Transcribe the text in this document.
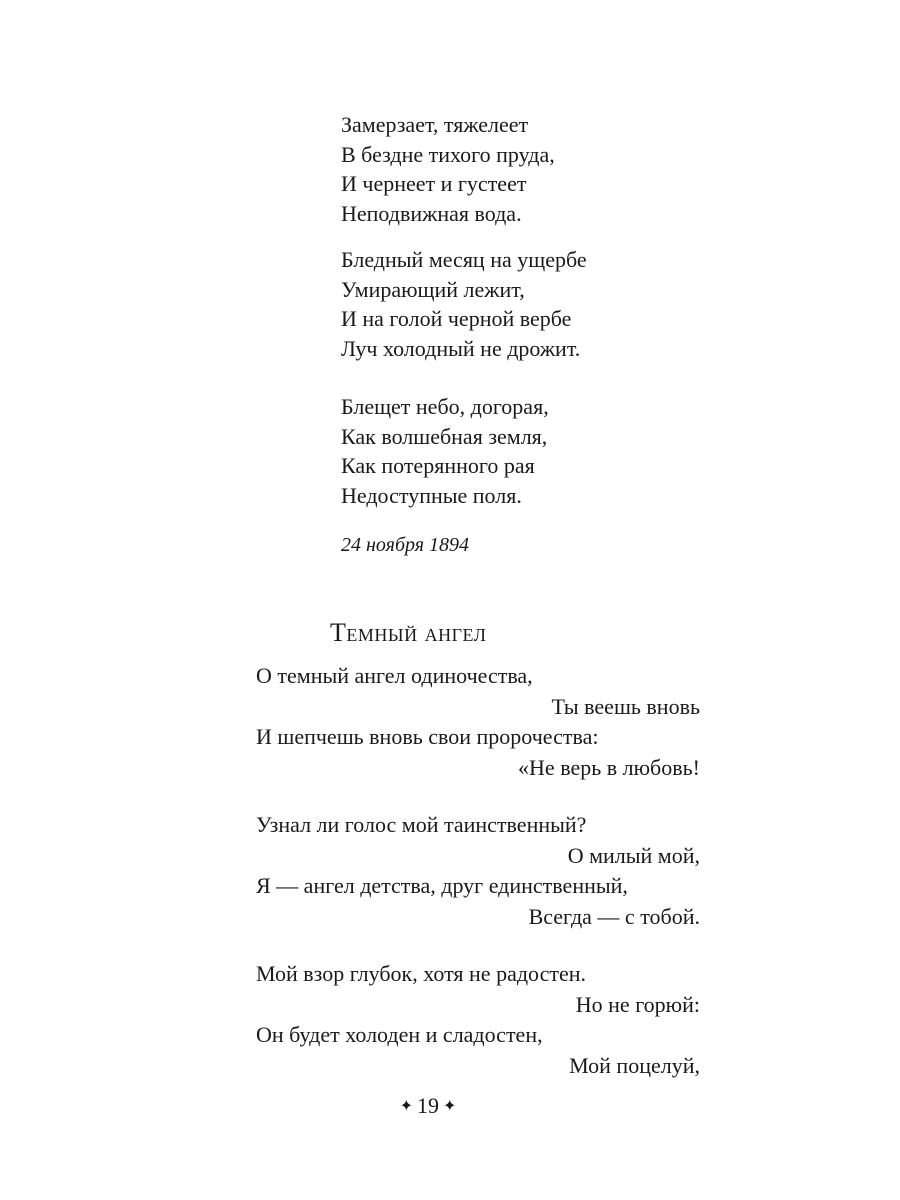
Замерзает, тяжелеет
В бездне тихого пруда,
И чернеет и густеет
Неподвижная вода.

Бледный месяц на ущербе
Умирающий лежит,
И на голой черной вербе
Луч холодный не дрожит.

Блещет небо, догорая,
Как волшебная земля,
Как потерянного рая
Недоступные поля.

24 ноября 1894
Темный ангел

О темный ангел одиночества,
Ты веешь вновь
И шепчешь вновь свои пророчества:
«Не верь в любовь!

Узнал ли голос мой таинственный?
О милый мой,
Я — ангел детства, друг единственный,
Всегда — с тобой.

Мой взор глубок, хотя не радостен.
Но не горюй:
Он будет холоден и сладостен,
Мой поцелуй,

✦ 19 ✦
